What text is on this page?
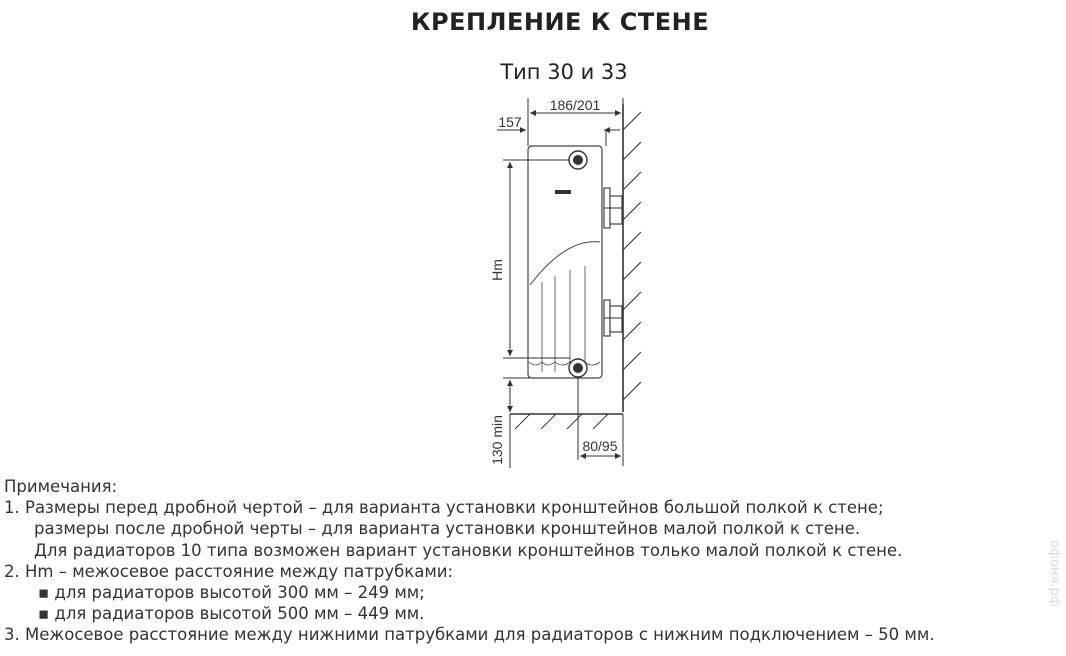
КРЕПЛЕНИЕ К СТЕНЕ
Тип 30 и 33
186/201
157
Hm
130 min	80/95
Примечания:
1. Размеры перед дробной чертой – для варианта установки кронштейнов большой полкой к стене;
размеры после дробной черты – для варианта установки кронштейнов малой полкой к стене.
Для радиаторов 10 типа возможен вариант установки кронштейнов только малой полкой к стене.
2. Hm – межосевое расстояние между патрубками:
▪ для радиаторов высотой 300 мм – 249 мм;
▪ для радиаторов высотой 500 мм – 449 мм.
3. Межосевое расстояние между нижними патрубками для радиаторов с нижним подключением – 50 мм.
офоня.рф
